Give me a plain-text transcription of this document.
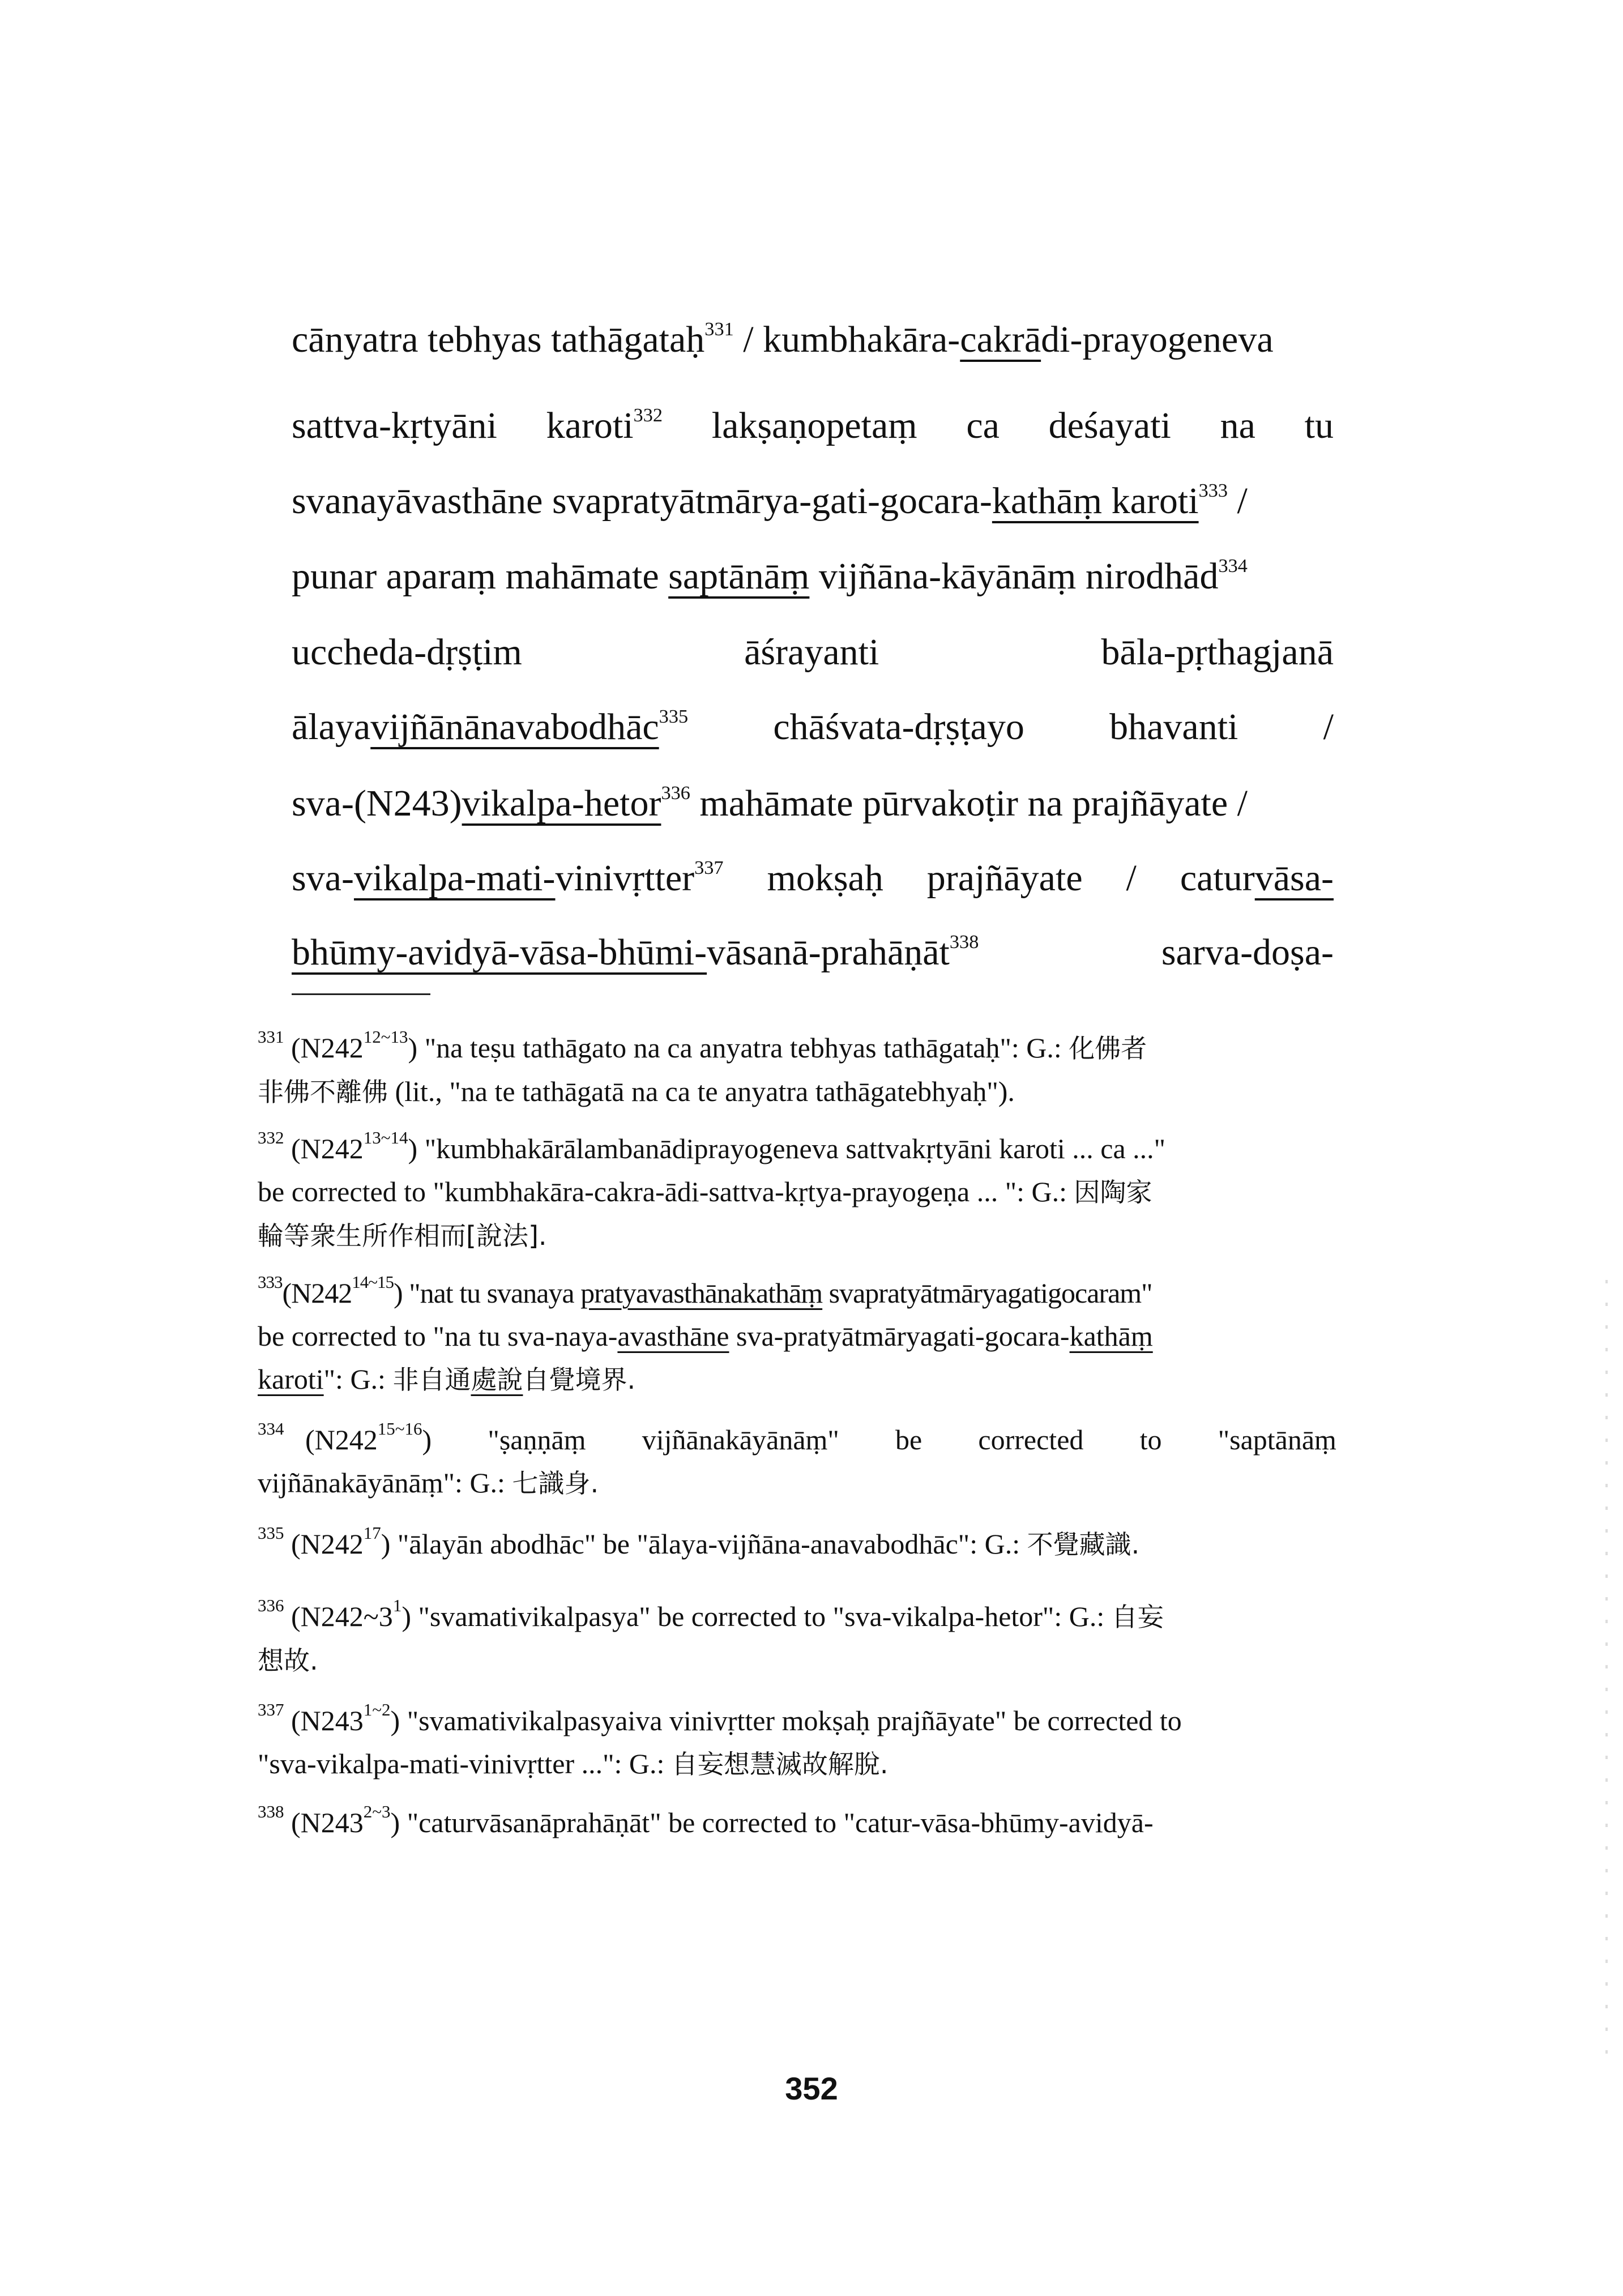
cānyatra tebhyas tathāgataḥ$^{331}$ / kumbhakāra-cakrādi-prayogeneva
sattva-kṛtyāni karoti$^{332}$ lakṣaṇopetaṃ ca deśayati na tu
svanayāvasthāne svapratyātmārya-gati-gocara-kathāṃ karoti$^{333}$ /
punar aparaṃ mahāmate saptānāṃ vijñāna-kāyānāṃ nirodhād$^{334}$
uccheda-dṛṣṭim	āśrayanti	bāla-pṛthagjanā
ālayavijñānānavabodhāc$^{335}$ chāśvata-dṛṣṭayo bhavanti /
sva-(N243)vikalpa-hetor$^{336}$ mahāmate pūrvakoṭir na prajñāyate /
sva-vikalpa-mati-vinivṛtter$^{337}$ mokṣaḥ prajñāyate / caturvāsa-
bhūmy-avidyā-vāsa-bhūmi-vāsanā-prahāṇāt$^{338}$	sarva-doṣa-
$^{331}$ $(N242^{12\sim 13})$ "na teṣu tathāgato na ca anyatra tebhyas tathāgataḥ": G.: 化佛者
非佛不離佛 (lit., "na te tathāgatā na ca te anyatra tathāgatebhyaḥ").
$^{332}$ $(N242^{13\sim 14})$ "kumbhakārālambanādiprayogeneva sattvakṛtyāni karoti ... ca ..."
be corrected to "kumbhakāra-cakra-ādi-sattva-kṛtya-prayogeṇa ... ": G.: 因陶家
輪等衆生所作相而[說法].
$^{333}(N242^{14\sim 15})$ "nat tu svanaya pratyavasthānakathāṃ svapratyātmāryagatigocaram"
be corrected to "na tu sva-naya-avasthāne sva-pratyātmāryagati-gocara-kathāṃ
karoti": G.: 非自通處說自覺境界.
$^{334}$ $(N242^{15\sim 16})$ "ṣaṇṇāṃ vijñānakāyānāṃ" be corrected to "saptānāṃ
vijñānakāyānāṃ": G.: 七識身.
$^{335}$ $(N242^{17})$ "ālayān abodhāc" be "ālaya-vijñāna-anavabodhāc": G.: 不覺藏識.
$^{336}$ $(N242\sim 3^1)$ "svamativikalpasya" be corrected to "sva-vikalpa-hetor": G.: 自妄
想故.
$^{337}$ $(N243^{1\sim 2})$ "svamativikalpasyaiva vinivṛtter mokṣaḥ prajñāyate" be corrected to
"sva-vikalpa-mati-vinivṛtter ...": G.: 自妄想慧滅故解脫.
$^{338}$ $(N243^{2\sim 3})$ "caturvāsanāprahāṇāt" be corrected to "catur-vāsa-bhūmy-avidyā-
352
